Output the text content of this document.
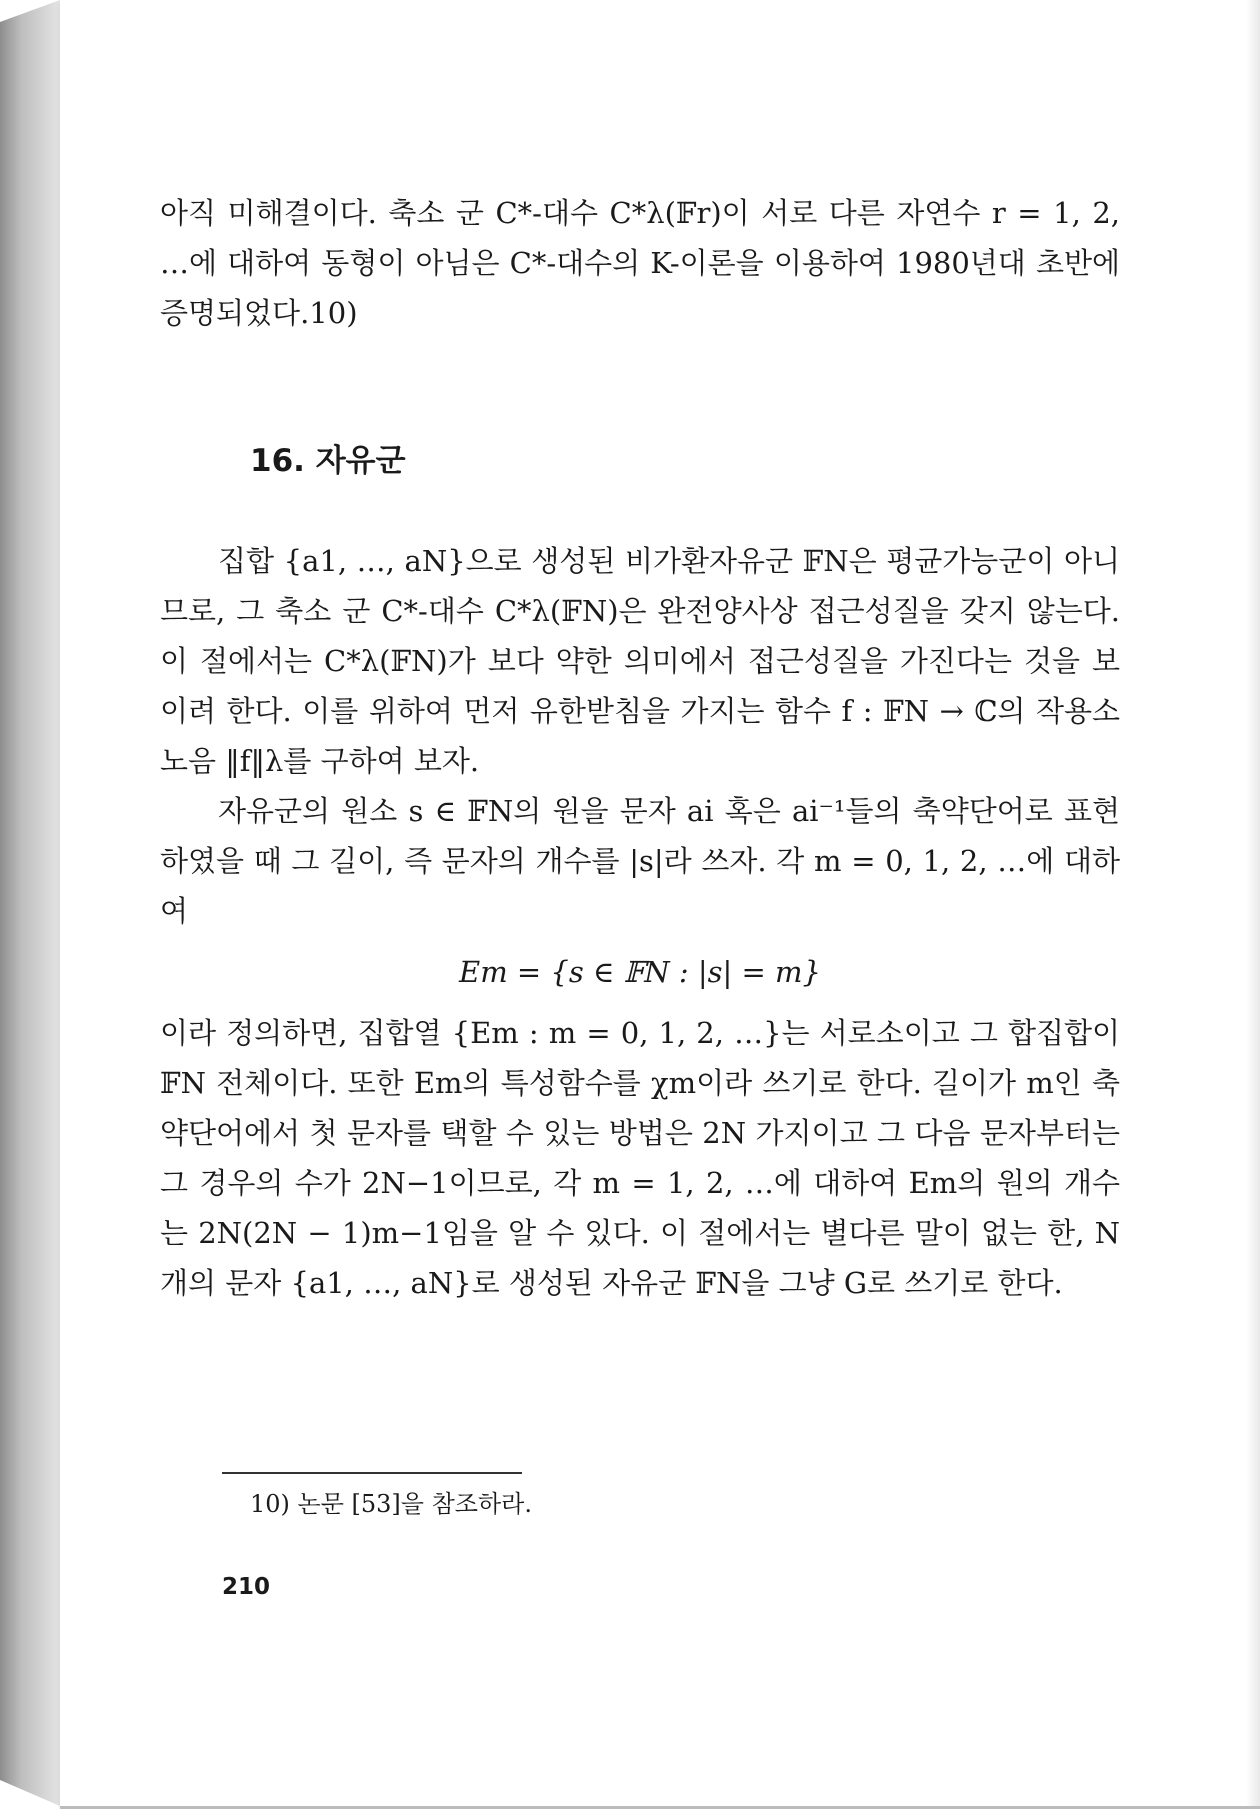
아직 미해결이다. 축소 군 C*-대수 C*λ(𝔽r)이 서로 다른 자연수 r = 1, 2, …에 대하여 동형이 아님은 C*-대수의 K-이론을 이용하여 1980년대 초반에 증명되었다.10)

16. 자유군

집합 {a1, …, aN}으로 생성된 비가환자유군 𝔽N은 평균가능군이 아니므로, 그 축소 군 C*-대수 C*λ(𝔽N)은 완전양사상 접근성질을 갖지 않는다. 이 절에서는 C*λ(𝔽N)가 보다 약한 의미에서 접근성질을 가진다는 것을 보이려 한다. 이를 위하여 먼저 유한받침을 가지는 함수 f : 𝔽N → ℂ의 작용소노음 ‖f‖λ를 구하여 보자.

자유군의 원소 s ∈ 𝔽N의 원을 문자 ai 혹은 ai⁻¹들의 축약단어로 표현하였을 때 그 길이, 즉 문자의 개수를 |s|라 쓰자. 각 m = 0, 1, 2, …에 대하여

Em = {s ∈ 𝔽N : |s| = m}

이라 정의하면, 집합열 {Em : m = 0, 1, 2, …}는 서로소이고 그 합집합이 𝔽N 전체이다. 또한 Em의 특성함수를 χm이라 쓰기로 한다. 길이가 m인 축약단어에서 첫 문자를 택할 수 있는 방법은 2N 가지이고 그 다음 문자부터는 그 경우의 수가 2N−1이므로, 각 m = 1, 2, …에 대하여 Em의 원의 개수는 2N(2N − 1)m−1임을 알 수 있다. 이 절에서는 별다른 말이 없는 한, N개의 문자 {a1, …, aN}로 생성된 자유군 𝔽N을 그냥 G로 쓰기로 한다.

10) 논문 [53]을 참조하라.
210
